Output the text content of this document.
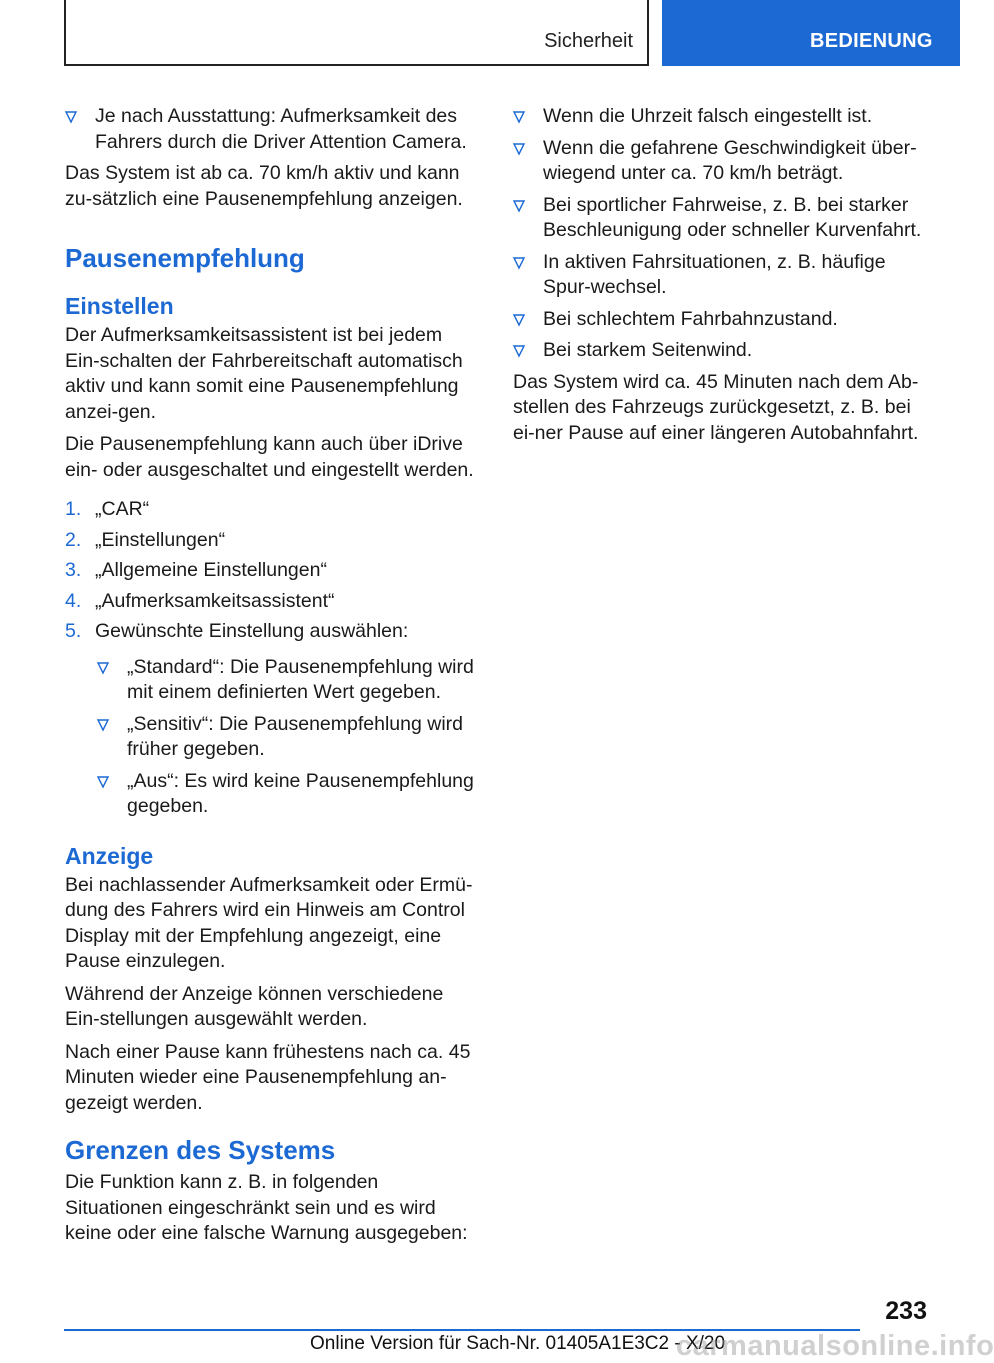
Sicherheit	BEDIENUNG
Je nach Ausstattung: Aufmerksamkeit des Fahrers durch die Driver Attention Camera.

Das System ist ab ca. 70 km/h aktiv und kann zu-sätzlich eine Pausenempfehlung anzeigen.

Pausenempfehlung
Einstellen

Der Aufmerksamkeitsassistent ist bei jedem Ein-schalten der Fahrbereitschaft automatisch aktiv und kann somit eine Pausenempfehlung anzei-gen.

Die Pausenempfehlung kann auch über iDrive ein- oder ausgeschaltet und eingestellt werden.

1. „CAR“
2. „Einstellungen“
3. „Allgemeine Einstellungen“
4. „Aufmerksamkeitsassistent“
5. Gewünschte Einstellung auswählen:
„Standard“: Die Pausenempfehlung wird mit einem definierten Wert gegeben.
„Sensitiv“: Die Pausenempfehlung wird früher gegeben.
„Aus“: Es wird keine Pausenempfehlung gegeben.
Anzeige

Bei nachlassender Aufmerksamkeit oder Ermü-dung des Fahrers wird ein Hinweis am Control Display mit der Empfehlung angezeigt, eine Pause einzulegen.

Während der Anzeige können verschiedene Ein-stellungen ausgewählt werden.

Nach einer Pause kann frühestens nach ca. 45 Minuten wieder eine Pausenempfehlung an-gezeigt werden.

Grenzen des Systems

Die Funktion kann z. B. in folgenden Situationen eingeschränkt sein und es wird keine oder eine falsche Warnung ausgegeben:

Wenn die Uhrzeit falsch eingestellt ist.
Wenn die gefahrene Geschwindigkeit über-wiegend unter ca. 70 km/h beträgt.
Bei sportlicher Fahrweise, z. B. bei starker Beschleunigung oder schneller Kurvenfahrt.
In aktiven Fahrsituationen, z. B. häufige Spur-wechsel.
Bei schlechtem Fahrbahnzustand.
Bei starkem Seitenwind.

Das System wird ca. 45 Minuten nach dem Ab-stellen des Fahrzeugs zurückgesetzt, z. B. bei ei-ner Pause auf einer längeren Autobahnfahrt.

233
Online Version für Sach-Nr. 01405A1E3C2 - X/20
carmanualsonline.info
